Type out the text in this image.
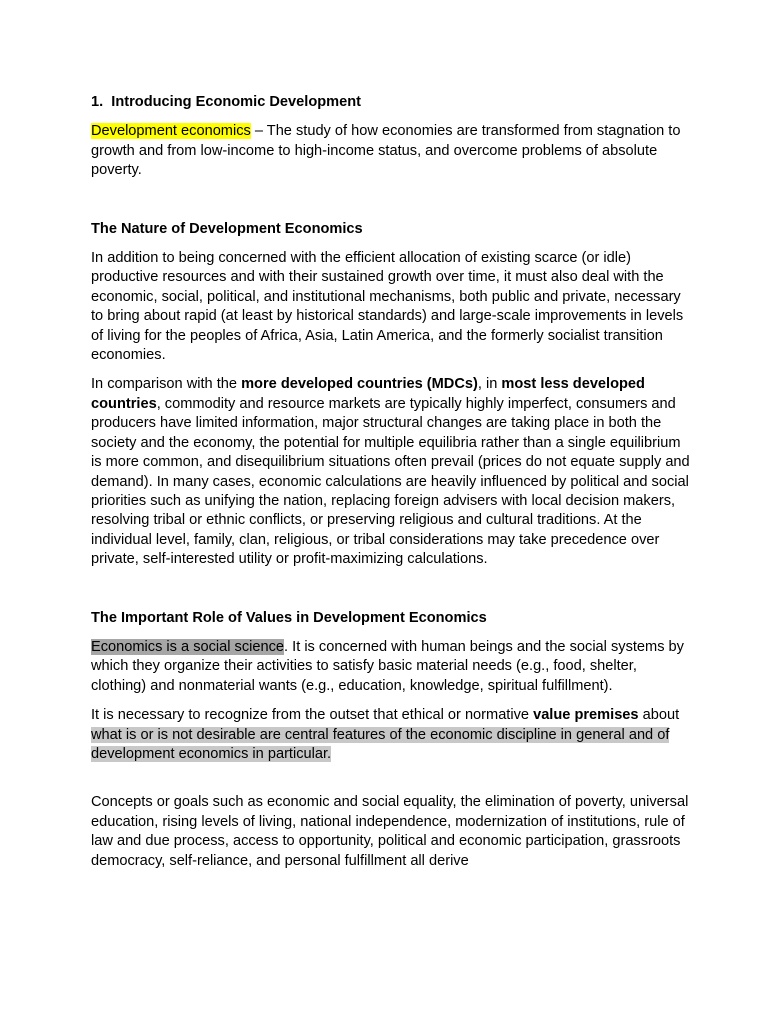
1. Introducing Economic Development

Development economics – The study of how economies are transformed from stagnation to growth and from low-income to high-income status, and overcome problems of absolute poverty.

The Nature of Development Economics

In addition to being concerned with the efficient allocation of existing scarce (or idle) productive resources and with their sustained growth over time, it must also deal with the economic, social, political, and institutional mechanisms, both public and private, necessary to bring about rapid (at least by historical standards) and large-scale improvements in levels of living for the peoples of Africa, Asia, Latin America, and the formerly socialist transition economies.

In comparison with the more developed countries (MDCs), in most less developed countries, commodity and resource markets are typically highly imperfect, consumers and producers have limited information, major structural changes are taking place in both the society and the economy, the potential for multiple equilibria rather than a single equilibrium is more common, and disequilibrium situations often prevail (prices do not equate supply and demand). In many cases, economic calculations are heavily influenced by political and social priorities such as unifying the nation, replacing foreign advisers with local decision makers, resolving tribal or ethnic conflicts, or preserving religious and cultural traditions. At the individual level, family, clan, religious, or tribal considerations may take precedence over private, self-interested utility or profit-maximizing calculations.

The Important Role of Values in Development Economics

Economics is a social science. It is concerned with human beings and the social systems by which they organize their activities to satisfy basic material needs (e.g., food, shelter, clothing) and nonmaterial wants (e.g., education, knowledge, spiritual fulfillment).

It is necessary to recognize from the outset that ethical or normative value premises about what is or is not desirable are central features of the economic discipline in general and of development economics in particular.

Concepts or goals such as economic and social equality, the elimination of poverty, universal education, rising levels of living, national independence, modernization of institutions, rule of law and due process, access to opportunity, political and economic participation, grassroots democracy, self-reliance, and personal fulfillment all derive
